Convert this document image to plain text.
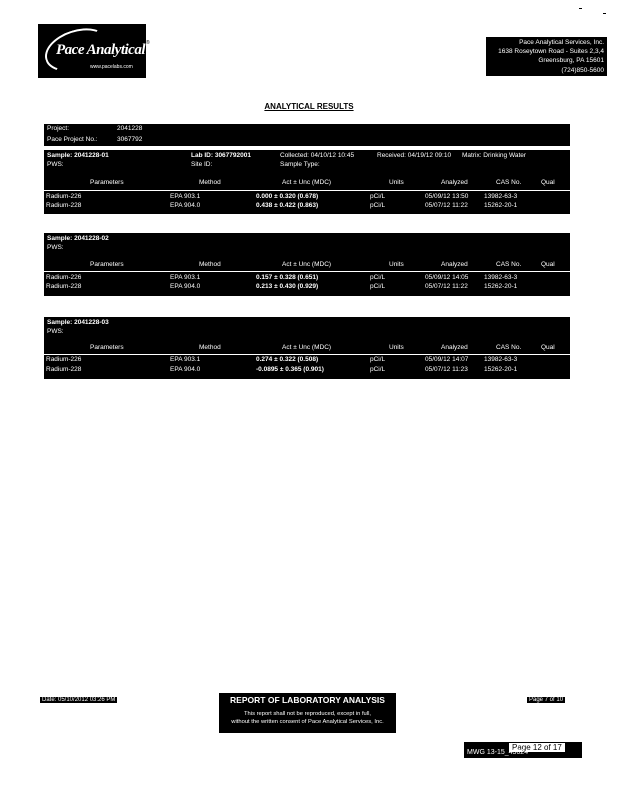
Pace Analytical
www.pacelabs.com
®	Pace Analytical Services, Inc.
1638 Roseytown Road - Suites 2,3,4
Greensburg, PA 15601
(724)850-5600
ANALYTICAL RESULTS
Project:	2041228
Pace Project No.:	3067792
Sample: 2041228-01
PWS:
Lab ID: 3067792001
Site ID:
Collected: 04/10/12 10:45
Sample Type:
Received: 04/19/12 09:10 Matrix: Drinking Water
Parameters	Method	Act ± Unc (MDC)	Units	Analyzed	CAS No.	Qual
Radium-226	EPA 903.1	0.000 ± 0.320 (0.678)	pCi/L	05/09/12 13:50 13982-63-3
Radium-228	EPA 904.0	0.438 ± 0.422 (0.863)	pCi/L	05/07/12 11:22 15262-20-1
Sample: 2041228-02
PWS:
Parameters	Method	Act ± Unc (MDC)	Units	Analyzed	CAS No.	Qual
Radium-226	EPA 903.1	0.157 ± 0.328 (0.651)	pCi/L	05/09/12 14:05 13982-63-3
Radium-228	EPA 904.0	0.213 ± 0.430 (0.929)	pCi/L	05/07/12 11:22 15262-20-1
Sample: 2041228-03
PWS:
Parameters	Method	Act ± Unc (MDC)	Units	Analyzed	CAS No.	Qual
Radium-226	EPA 903.1	0.274 ± 0.322 (0.508)	pCi/L	05/09/12 14:07 13982-63-3
Radium-228	EPA 904.0	-0.0895 ± 0.365 (0.901)	pCi/L	05/07/12 11:23 15262-20-1
Date: 05/10/2012 03:26 PM	REPORT OF LABORATORY ANALYSIS
This report shall not be reproduced, except in full,
without the written consent of Pace Analytical Services, Inc.
Page 7 of 10
Page 12 of 17
MWG 13-15_43624
